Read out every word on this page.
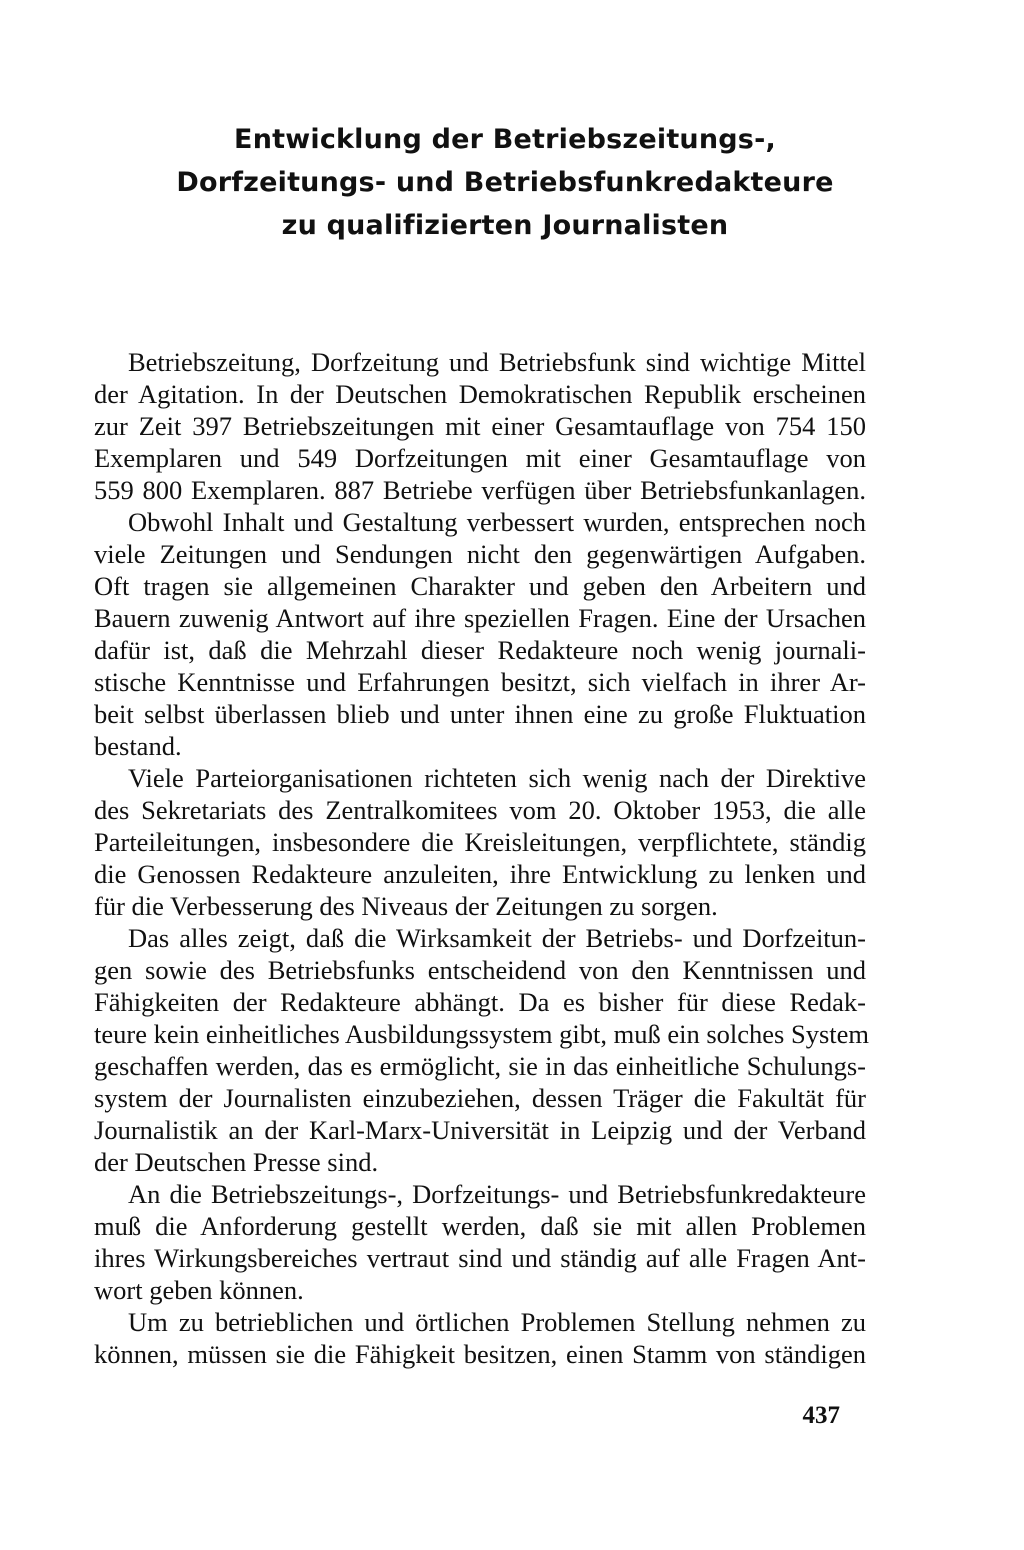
Entwicklung der Betriebszeitungs-,
Dorfzeitungs- und Betriebsfunkredakteure
zu qualifizierten Journalisten

Betriebszeitung, Dorfzeitung und Betriebsfunk sind wichtige Mittel
der Agitation. In der Deutschen Demokratischen Republik erscheinen
zur Zeit 397 Betriebszeitungen mit einer Gesamtauflage von 754 150
Exemplaren und 549 Dorfzeitungen mit einer Gesamtauflage von
559 800 Exemplaren. 887 Betriebe verfügen über Betriebsfunkanlagen.

Obwohl Inhalt und Gestaltung verbessert wurden, entsprechen noch
viele Zeitungen und Sendungen nicht den gegenwärtigen Aufgaben.
Oft tragen sie allgemeinen Charakter und geben den Arbeitern und
Bauern zuwenig Antwort auf ihre speziellen Fragen. Eine der Ursachen
dafür ist, daß die Mehrzahl dieser Redakteure noch wenig journali-
stische Kenntnisse und Erfahrungen besitzt, sich vielfach in ihrer Ar-
beit selbst überlassen blieb und unter ihnen eine zu große Fluktuation
bestand.

Viele Parteiorganisationen richteten sich wenig nach der Direktive
des Sekretariats des Zentralkomitees vom 20. Oktober 1953, die alle
Parteileitungen, insbesondere die Kreisleitungen, verpflichtete, ständig
die Genossen Redakteure anzuleiten, ihre Entwicklung zu lenken und
für die Verbesserung des Niveaus der Zeitungen zu sorgen.

Das alles zeigt, daß die Wirksamkeit der Betriebs- und Dorfzeitun-
gen sowie des Betriebsfunks entscheidend von den Kenntnissen und
Fähigkeiten der Redakteure abhängt. Da es bisher für diese Redak-
teure kein einheitliches Ausbildungssystem gibt, muß ein solches System
geschaffen werden, das es ermöglicht, sie in das einheitliche Schulungs-
system der Journalisten einzubeziehen, dessen Träger die Fakultät für
Journalistik an der Karl-Marx-Universität in Leipzig und der Verband
der Deutschen Presse sind.

An die Betriebszeitungs-, Dorfzeitungs- und Betriebsfunkredakteure
muß die Anforderung gestellt werden, daß sie mit allen Problemen
ihres Wirkungsbereiches vertraut sind und ständig auf alle Fragen Ant-
wort geben können.

Um zu betrieblichen und örtlichen Problemen Stellung nehmen zu
können, müssen sie die Fähigkeit besitzen, einen Stamm von ständigen

437
